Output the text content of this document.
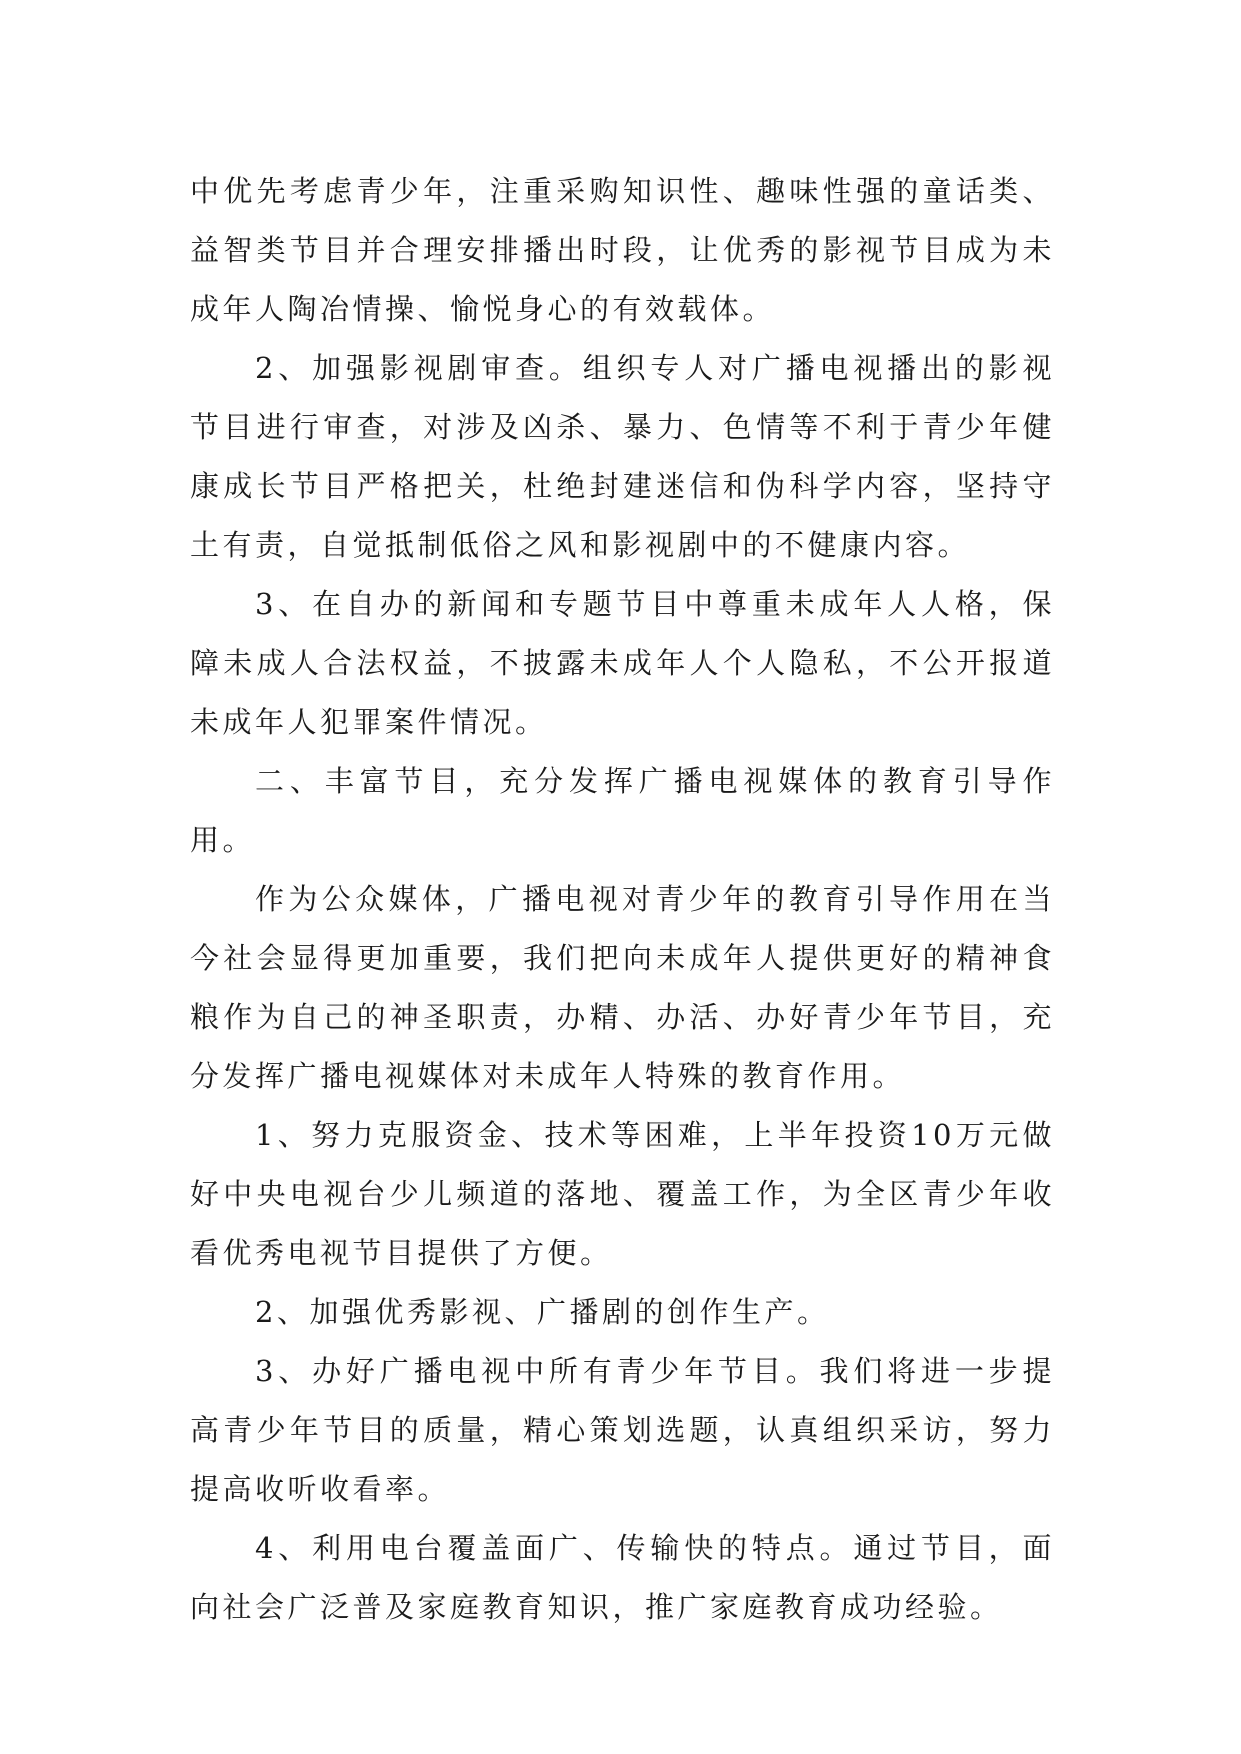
中优先考虑青少年，注重采购知识性、趣味性强的童话类、益智类节目并合理安排播出时段，让优秀的影视节目成为未成年人陶冶情操、愉悦身心的有效载体。

2、加强影视剧审查。组织专人对广播电视播出的影视节目进行审查，对涉及凶杀、暴力、色情等不利于青少年健康成长节目严格把关，杜绝封建迷信和伪科学内容，坚持守土有责，自觉抵制低俗之风和影视剧中的不健康内容。

3、在自办的新闻和专题节目中尊重未成年人人格，保障未成人合法权益，不披露未成年人个人隐私，不公开报道未成年人犯罪案件情况。

二、丰富节目，充分发挥广播电视媒体的教育引导作用。

作为公众媒体，广播电视对青少年的教育引导作用在当今社会显得更加重要，我们把向未成年人提供更好的精神食粮作为自己的神圣职责，办精、办活、办好青少年节目，充分发挥广播电视媒体对未成年人特殊的教育作用。

1、努力克服资金、技术等困难，上半年投资10万元做好中央电视台少儿频道的落地、覆盖工作，为全区青少年收看优秀电视节目提供了方便。

2、加强优秀影视、广播剧的创作生产。

3、办好广播电视中所有青少年节目。我们将进一步提高青少年节目的质量，精心策划选题，认真组织采访，努力提高收听收看率。

4、利用电台覆盖面广、传输快的特点。通过节目，面向社会广泛普及家庭教育知识，推广家庭教育成功经验。
